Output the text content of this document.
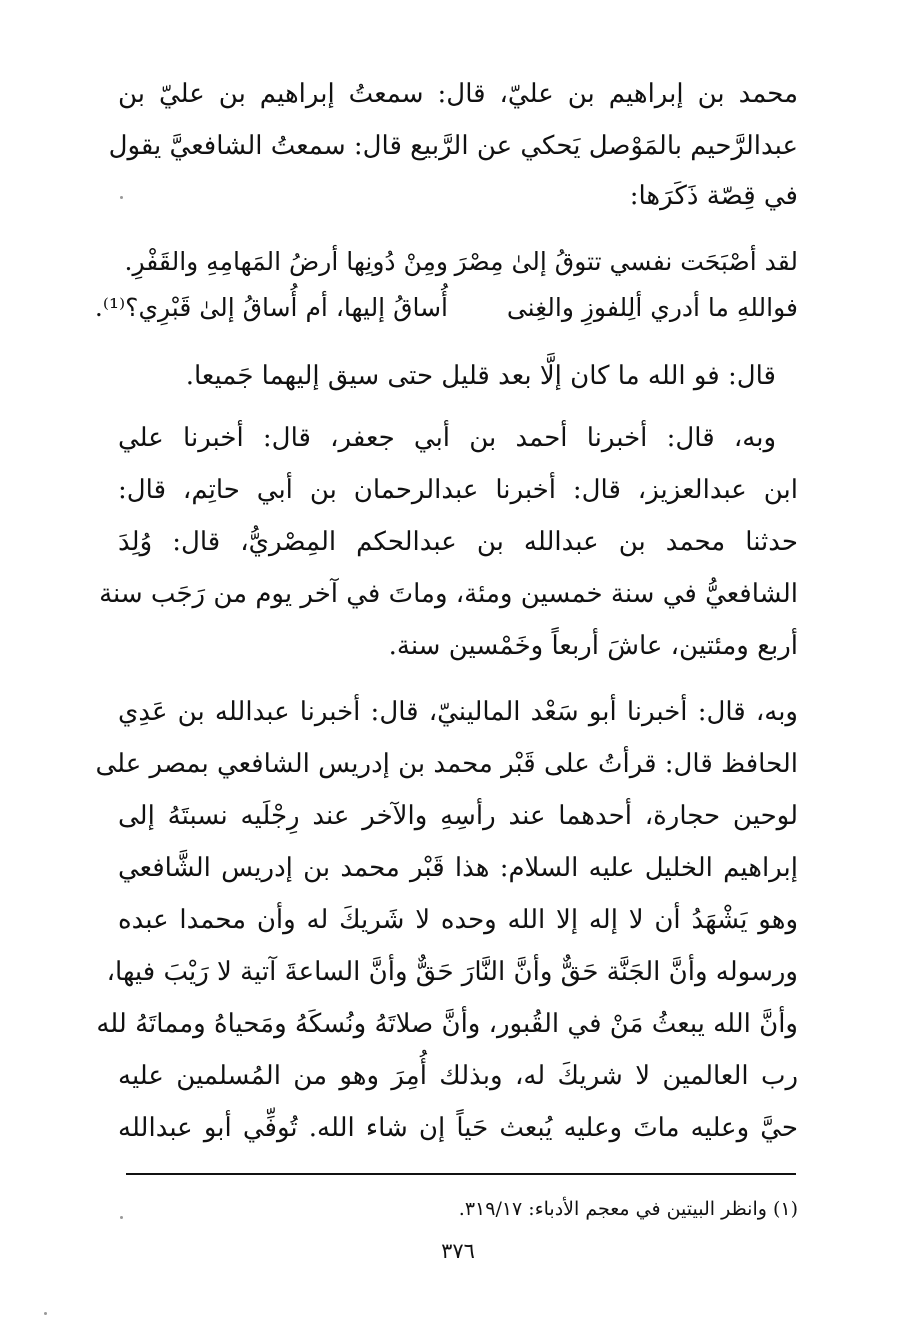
محمد بن إبراهيم بن عليّ، قال: سمعتُ إبراهيم بن عليّ بن
عبدالرَّحيم بالمَوْصل يَحكي عن الرَّبيع قال: سمعتُ الشافعيَّ يقول
في قِصّة ذَكَرَها:
لقد أصْبَحَت نفسي تتوقُ إلىٰ مِصْرَومِنْ دُونِها أرضُ المَهامِهِ والقَفْرِ.
فواللهِ ما أدري ألِلفوزِ والغِنىأُساقُ إليها، أم أُساقُ إلىٰ قَبْرِي؟⁽¹⁾.
قال: فو الله ما كان إلَّا بعد قليل حتى سيق إليهما جَميعا.
وبه، قال: أخبرنا أحمد بن أبي جعفر، قال: أخبرنا علي
ابن عبدالعزيز، قال: أخبرنا عبدالرحمان بن أبي حاتِم، قال:
حدثنا محمد بن عبدالله بن عبدالحكم المِصْريُّ، قال: وُلِدَ
الشافعيُّ في سنة خمسين ومئة، وماتَ في آخر يوم من رَجَب سنة
أربع ومئتين، عاشَ أربعاً وخَمْسين سنة.
وبه، قال: أخبرنا أبو سَعْد المالينيّ، قال: أخبرنا عبدالله بن عَدِي
الحافظ قال: قرأتُ على قَبْر محمد بن إدريس الشافعي بمصر على
لوحين حجارة، أحدهما عند رأسِهِ والآخر عند رِجْلَيه نسبتَهُ إلى
إبراهيم الخليل عليه السلام: هذا قَبْر محمد بن إدريس الشَّافعي
وهو يَشْهَدُ أن لا إله إلا الله وحده لا شَريكَ له وأن محمدا عبده
ورسوله وأنَّ الجَنَّة حَقٌّ وأنَّ النَّارَ حَقٌّ وأنَّ الساعةَ آتية لا رَيْبَ فيها،
وأنَّ الله يبعثُ مَنْ في القُبور، وأنَّ صلاتَهُ ونُسكَهُ ومَحياهُ ومماتَهُ لله
رب العالمين لا شريكَ له، وبذلك أُمِرَ وهو من المُسلمين عليه
حيَّ وعليه ماتَ وعليه يُبعث حَياً إن شاء الله. تُوفِّي أبو عبدالله
(١) وانظر البيتين في معجم الأدباء: ٣١٩/١٧.
٣٧٦
